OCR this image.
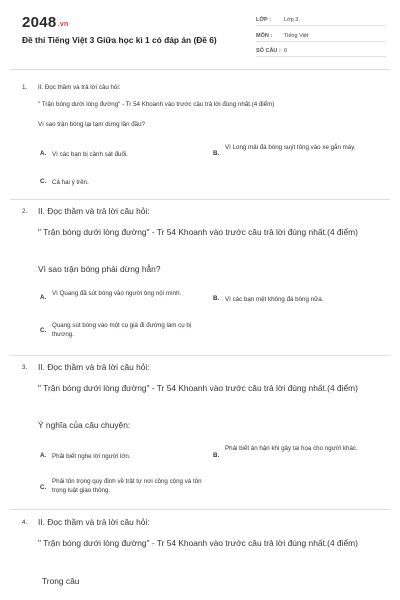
2048.vn
Đề thi Tiếng Việt 3 Giữa học kì 1 có đáp án (Đề 6)
LỚP :	Lớp 3
MÔN :	Tiếng Việt
SỐ CÂU : 6
1. II. Đọc thầm và trả lời câu hỏi:
" Trận bóng dưới lòng đường" - Tr 54 Khoanh vào trước câu trả lời đúng nhất.(4 điểm)
Vì sao trận bóng lại tạm dừng lần đầu?
A. Vì các bạn bị cảnh sát đuổi.	B.
Vì Long mải đá bóng suýt tông vào xe gắn máy.
C. Cả hai ý trên.
2. II. Đọc thầm và trả lời câu hỏi:
" Trận bóng dưới lòng đường" - Tr 54 Khoanh vào trước câu trả lời đúng nhất.(4 điểm)
Vì sao trận bóng phải dừng hẳn?
A.
Vì Quang đã sút bóng vào người ông nội mình.
B. Vì các bạn mệt không đá bóng nữa.
C.
Quang sút bóng vào một cụ già đi đường làm cụ bị thương.
3. II. Đọc thầm và trả lời câu hỏi:
" Trận bóng dưới lòng đường" - Tr 54 Khoanh vào trước câu trả lời đúng nhất.(4 điểm)
Ý nghĩa của câu chuyện:
A. Phải biết nghe lời người lớn.	B.
Phải biết ân hận khi gây tai họa cho người khác.
C.
Phải tôn trọng quy định về trật tự nơi công cộng và tôn trọng luật giao thông.
4. II. Đọc thầm và trả lời câu hỏi:
" Trận bóng dưới lòng đường" - Tr 54 Khoanh vào trước câu trả lời đúng nhất.(4 điểm)
Trong câu
